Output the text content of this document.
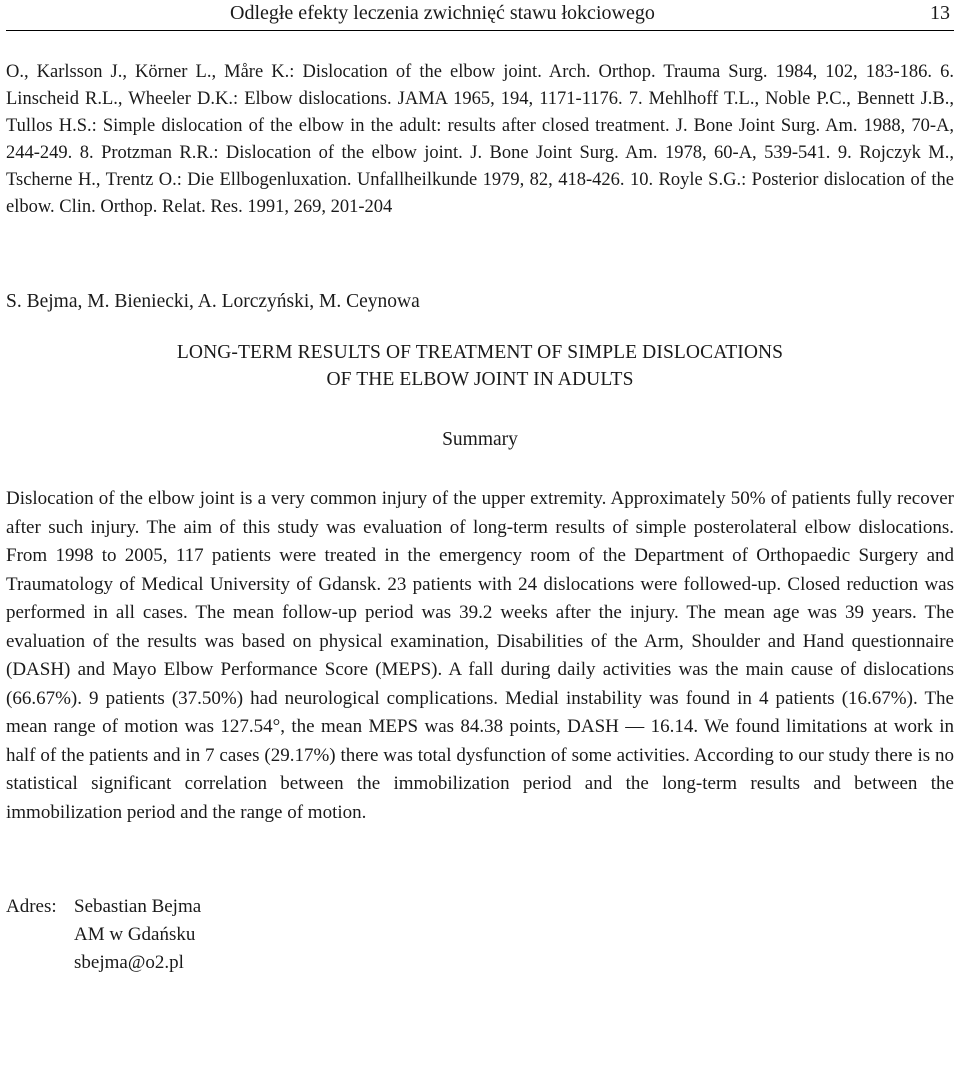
Odległe efekty leczenia zwichnięć stawu łokciowego	13

O., Karlsson J., Körner L., Måre K.: Dislocation of the elbow joint. Arch. Orthop. Trauma Surg. 1984, 102, 183-186. 6. Linscheid R.L., Wheeler D.K.: Elbow dislocations. JAMA 1965, 194, 1171-1176. 7. Mehlhoff T.L., Noble P.C., Bennett J.B., Tullos H.S.: Simple dislocation of the elbow in the adult: results after closed treatment. J. Bone Joint Surg. Am. 1988, 70-A, 244-249. 8. Protzman R.R.: Dislocation of the elbow joint. J. Bone Joint Surg. Am. 1978, 60-A, 539-541. 9. Rojczyk M., Tscherne H., Trentz O.: Die Ellbogenluxation. Unfallheilkunde 1979, 82, 418-426. 10. Royle S.G.: Posterior dislocation of the elbow. Clin. Orthop. Relat. Res. 1991, 269, 201-204

S. Bejma, M. Bieniecki, A. Lorczyński, M. Ceynowa
LONG-TERM RESULTS OF TREATMENT OF SIMPLE DISLOCATIONS
OF THE ELBOW JOINT IN ADULTS
Summary

Dislocation of the elbow joint is a very common injury of the upper extremity. Approximately 50% of patients fully recover after such injury. The aim of this study was evaluation of long-term results of simple posterolateral elbow dislocations. From 1998 to 2005, 117 patients were treated in the emergency room of the Department of Orthopaedic Surgery and Traumatology of Medical University of Gdansk. 23 patients with 24 dislocations were followed-up. Closed reduction was performed in all cases. The mean follow-up period was 39.2 weeks after the injury. The mean age was 39 years. The evaluation of the results was based on physical examination, Disabilities of the Arm, Shoulder and Hand questionnaire (DASH) and Mayo Elbow Performance Score (MEPS). A fall during daily activities was the main cause of dislocations (66.67%). 9 patients (37.50%) had neurological complications. Medial instability was found in 4 patients (16.67%). The mean range of motion was 127.54°, the mean MEPS was 84.38 points, DASH — 16.14. We found limitations at work in half of the patients and in 7 cases (29.17%) there was total dysfunction of some activities. According to our study there is no statistical significant correlation between the immobilization period and the long-term results and between the immobilization period and the range of motion.

Adres: Sebastian Bejma
AM w Gdańsku
sbejma@o2.pl
